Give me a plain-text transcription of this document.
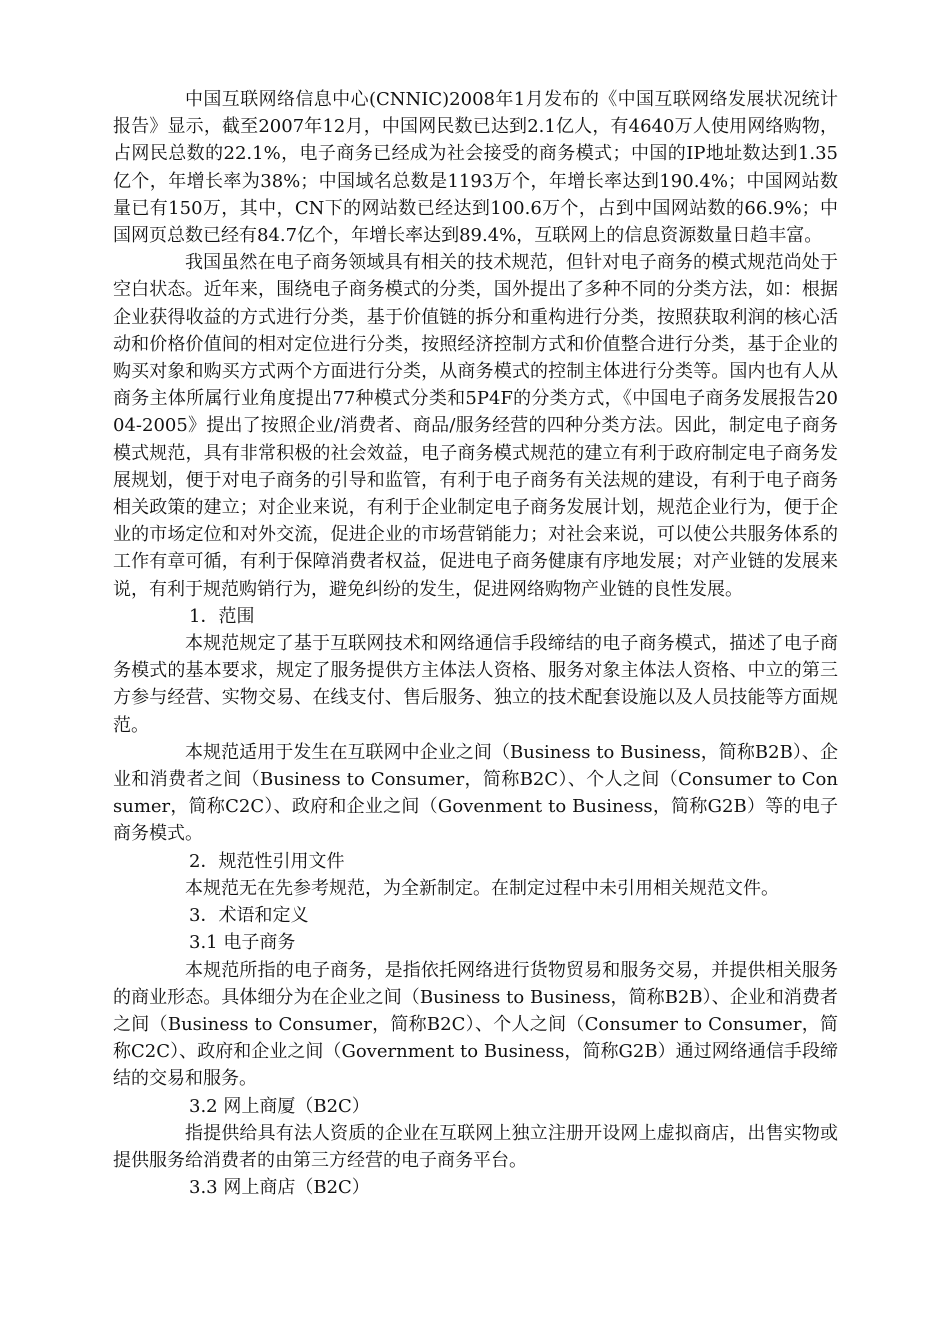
中国互联网络信息中心(CNNIC)2008年1月发布的《中国互联网络发展状况统计报告》显示，截至2007年12月，中国网民数已达到2.1亿人，有4640万人使用网络购物，占网民总数的22.1%，电子商务已经成为社会接受的商务模式；中国的IP地址数达到1.35亿个，年增长率为38%；中国域名总数是1193万个，年增长率达到190.4%；中国网站数量已有150万，其中，CN下的网站数已经达到100.6万个，占到中国网站数的66.9%；中国网页总数已经有84.7亿个，年增长率达到89.4%，互联网上的信息资源数量日趋丰富。

我国虽然在电子商务领域具有相关的技术规范，但针对电子商务的模式规范尚处于空白状态。近年来，围绕电子商务模式的分类，国外提出了多种不同的分类方法，如：根据企业获得收益的方式进行分类，基于价值链的拆分和重构进行分类，按照获取利润的核心活动和价格价值间的相对定位进行分类，按照经济控制方式和价值整合进行分类，基于企业的购买对象和购买方式两个方面进行分类，从商务模式的控制主体进行分类等。国内也有人从商务主体所属行业角度提出77种模式分类和5P4F的分类方式，《中国电子商务发展报告2004-2005》提出了按照企业/消费者、商品/服务经营的四种分类方法。因此，制定电子商务模式规范，具有非常积极的社会效益，电子商务模式规范的建立有利于政府制定电子商务发展规划，便于对电子商务的引导和监管，有利于电子商务有关法规的建设，有利于电子商务相关政策的建立；对企业来说，有利于企业制定电子商务发展计划，规范企业行为，便于企业的市场定位和对外交流，促进企业的市场营销能力；对社会来说，可以使公共服务体系的工作有章可循，有利于保障消费者权益，促进电子商务健康有序地发展；对产业链的发展来说，有利于规范购销行为，避免纠纷的发生，促进网络购物产业链的良性发展。

1．范围

本规范规定了基于互联网技术和网络通信手段缔结的电子商务模式，描述了电子商务模式的基本要求，规定了服务提供方主体法人资格、服务对象主体法人资格、中立的第三方参与经营、实物交易、在线支付、售后服务、独立的技术配套设施以及人员技能等方面规范。

本规范适用于发生在互联网中企业之间（Business to Business，简称B2B）、企业和消费者之间（Business to Consumer，简称B2C）、个人之间（Consumer to Consumer，简称C2C）、政府和企业之间（Govenment to Business，简称G2B）等的电子商务模式。

2．规范性引用文件

本规范无在先参考规范，为全新制定。在制定过程中未引用相关规范文件。

3．术语和定义

3.1 电子商务

本规范所指的电子商务，是指依托网络进行货物贸易和服务交易，并提供相关服务的商业形态。具体细分为在企业之间（Business to Business，简称B2B）、企业和消费者之间（Business to Consumer，简称B2C）、个人之间（Consumer to Consumer，简称C2C）、政府和企业之间（Government to Business，简称G2B）通过网络通信手段缔结的交易和服务。

3.2 网上商厦（B2C）

指提供给具有法人资质的企业在互联网上独立注册开设网上虚拟商店，出售实物或提供服务给消费者的由第三方经营的电子商务平台。

3.3 网上商店（B2C）
